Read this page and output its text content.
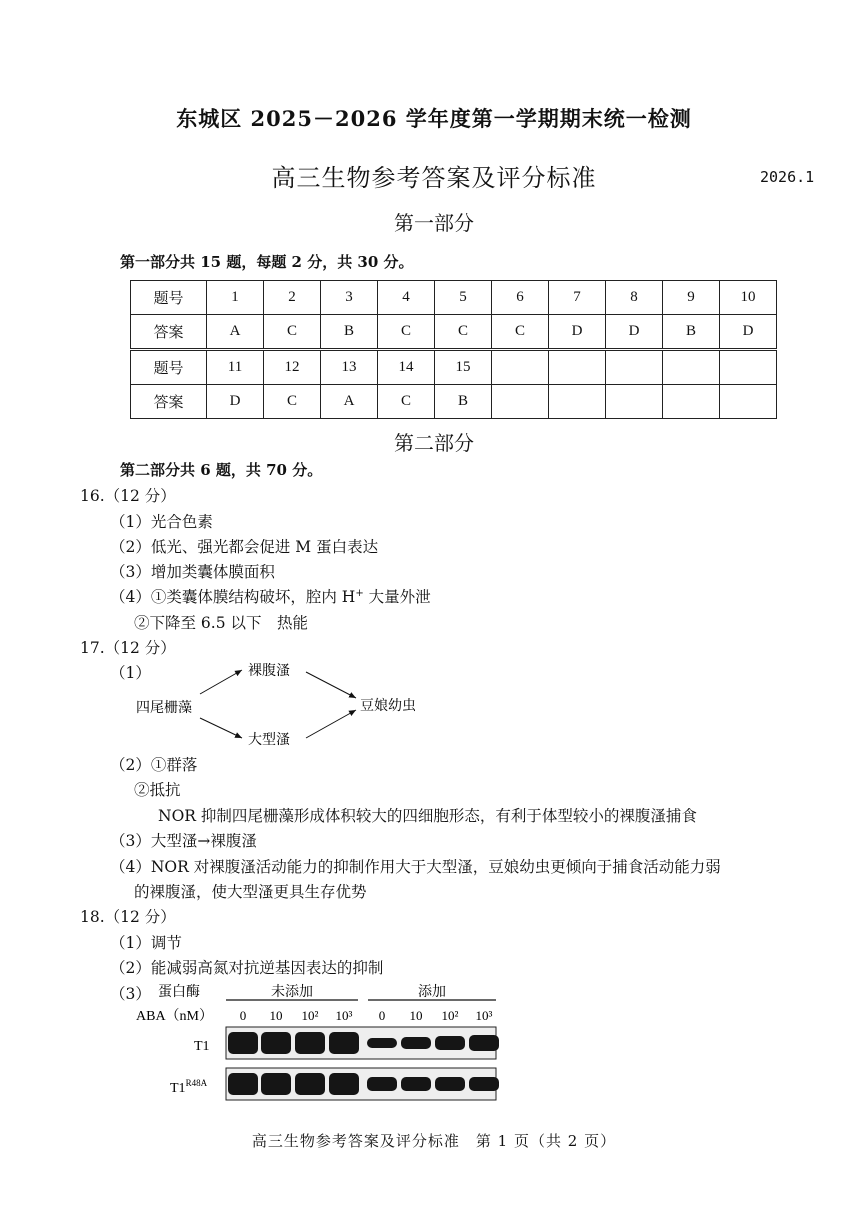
东城区 2025－2026 学年度第一学期期末统一检测
高三生物参考答案及评分标准	2026.1
第一部分
第一部分共 15 题，每题 2 分，共 30 分。
题号	1	2	3	4	5	6	7	8	9	10
答案	A	C	B	C	C	C	D	D	B	D
题号	11	12	13	14	15					
答案	D	C	A	C	B					
第二部分
第二部分共 6 题，共 70 分。
16.（12 分）
（1）光合色素
（2）低光、强光都会促进 M 蛋白表达
（3）增加类囊体膜面积
（4）①类囊体膜结构破坏，腔内 H+ 大量外泄
②下降至 6.5 以下　热能
17.（12 分）
（1）
四尾栅藻
裸腹溞
大型溞
豆娘幼虫
（2）①群落
②抵抗
NOR 抑制四尾栅藻形成体积较大的四细胞形态，有利于体型较小的裸腹溞捕食
（3）大型溞→裸腹溞
（4）NOR 对裸腹溞活动能力的抑制作用大于大型溞，豆娘幼虫更倾向于捕食活动能力弱
的裸腹溞，使大型溞更具生存优势
18.（12 分）
（1）调节
（2）能减弱高氮对抗逆基因表达的抑制
（3） 蛋白酶	未添加	添加
ABA（nM） 0 10 10² 10³ 0 10 10² 10³
T1
$T1^{R48A}$
高三生物参考答案及评分标准　第 1 页（共 2 页）
